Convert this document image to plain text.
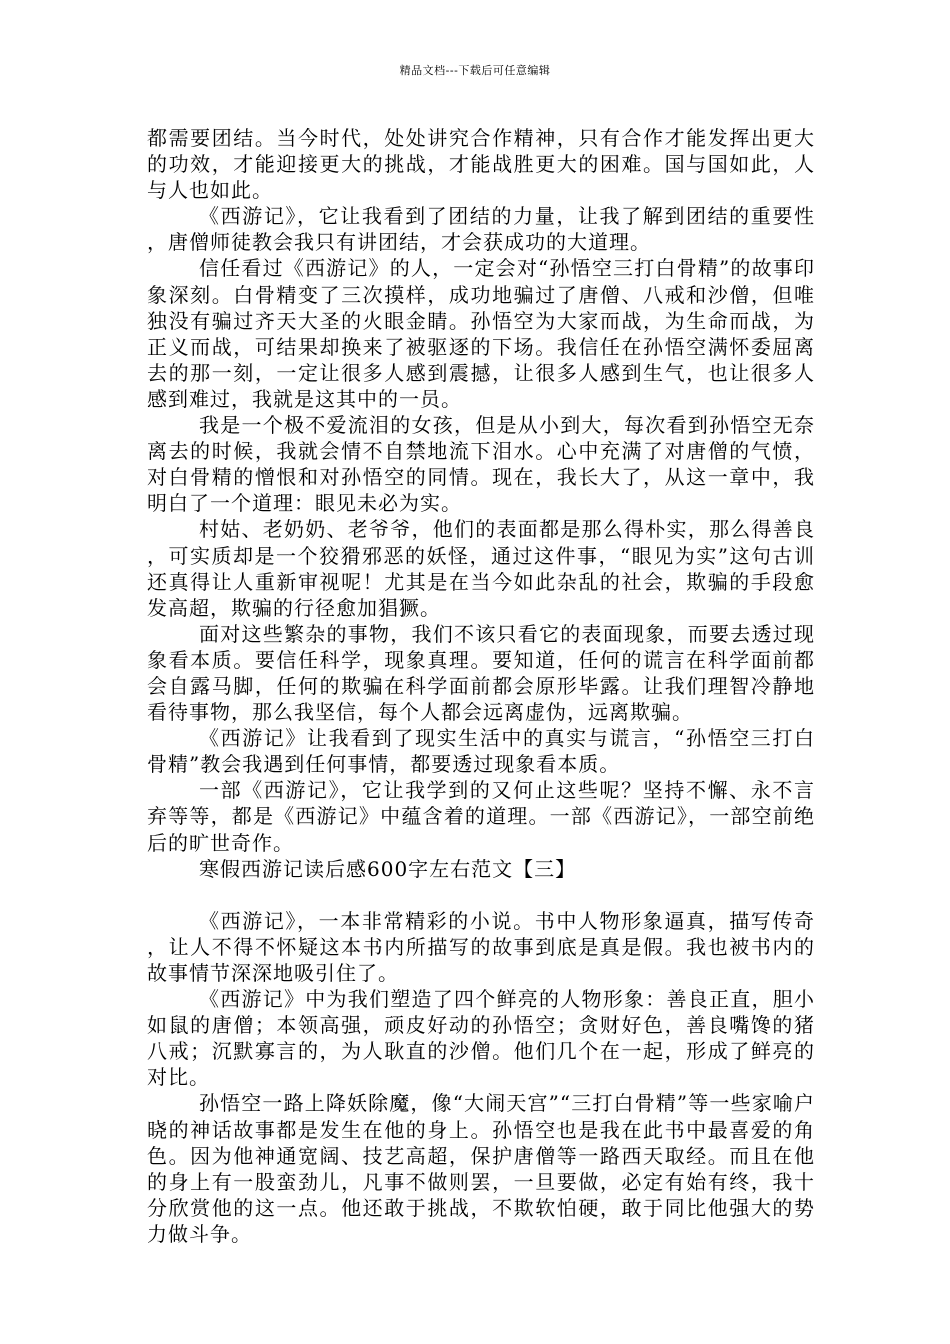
精品文档---下载后可任意编辑

都需要团结。当今时代，处处讲究合作精神，只有合作才能发挥出更大的功效，才能迎接更大的挑战，才能战胜更大的困难。国与国如此，人与人也如此。

《西游记》，它让我看到了团结的力量，让我了解到团结的重要性，唐僧师徒教会我只有讲团结，才会获成功的大道理。

信任看过《西游记》的人，一定会对“孙悟空三打白骨精”的故事印象深刻。白骨精变了三次摸样，成功地骗过了唐僧、八戒和沙僧，但唯独没有骗过齐天大圣的火眼金睛。孙悟空为大家而战，为生命而战，为正义而战，可结果却换来了被驱逐的下场。我信任在孙悟空满怀委屈离去的那一刻，一定让很多人感到震撼，让很多人感到生气，也让很多人感到难过，我就是这其中的一员。

我是一个极不爱流泪的女孩，但是从小到大，每次看到孙悟空无奈离去的时候，我就会情不自禁地流下泪水。心中充满了对唐僧的气愤，对白骨精的憎恨和对孙悟空的同情。现在，我长大了，从这一章中，我明白了一个道理：眼见未必为实。

村姑、老奶奶、老爷爷，他们的表面都是那么得朴实，那么得善良，可实质却是一个狡猾邪恶的妖怪，通过这件事，“眼见为实”这句古训还真得让人重新审视呢！尤其是在当今如此杂乱的社会，欺骗的手段愈发高超，欺骗的行径愈加猖獗。

面对这些繁杂的事物，我们不该只看它的表面现象，而要去透过现象看本质。要信任科学，现象真理。要知道，任何的谎言在科学面前都会自露马脚，任何的欺骗在科学面前都会原形毕露。让我们理智冷静地看待事物，那么我坚信，每个人都会远离虚伪，远离欺骗。

《西游记》让我看到了现实生活中的真实与谎言，“孙悟空三打白骨精”教会我遇到任何事情，都要透过现象看本质。

一部《西游记》，它让我学到的又何止这些呢？坚持不懈、永不言弃等等，都是《西游记》中蕴含着的道理。一部《西游记》，一部空前绝后的旷世奇作。

寒假西游记读后感600字左右范文【三】

《西游记》，一本非常精彩的小说。书中人物形象逼真，描写传奇，让人不得不怀疑这本书内所描写的故事到底是真是假。我也被书内的故事情节深深地吸引住了。

《西游记》中为我们塑造了四个鲜亮的人物形象：善良正直，胆小如鼠的唐僧；本领高强，顽皮好动的孙悟空；贪财好色，善良嘴馋的猪八戒；沉默寡言的，为人耿直的沙僧。他们几个在一起，形成了鲜亮的对比。

孙悟空一路上降妖除魔，像“大闹天宫”“三打白骨精”等一些家喻户晓的神话故事都是发生在他的身上。孙悟空也是我在此书中最喜爱的角色。因为他神通宽阔、技艺高超，保护唐僧等一路西天取经。而且在他的身上有一股蛮劲儿，凡事不做则罢，一旦要做，必定有始有终，我十分欣赏他的这一点。他还敢于挑战，不欺软怕硬，敢于同比他强大的势力做斗争。
